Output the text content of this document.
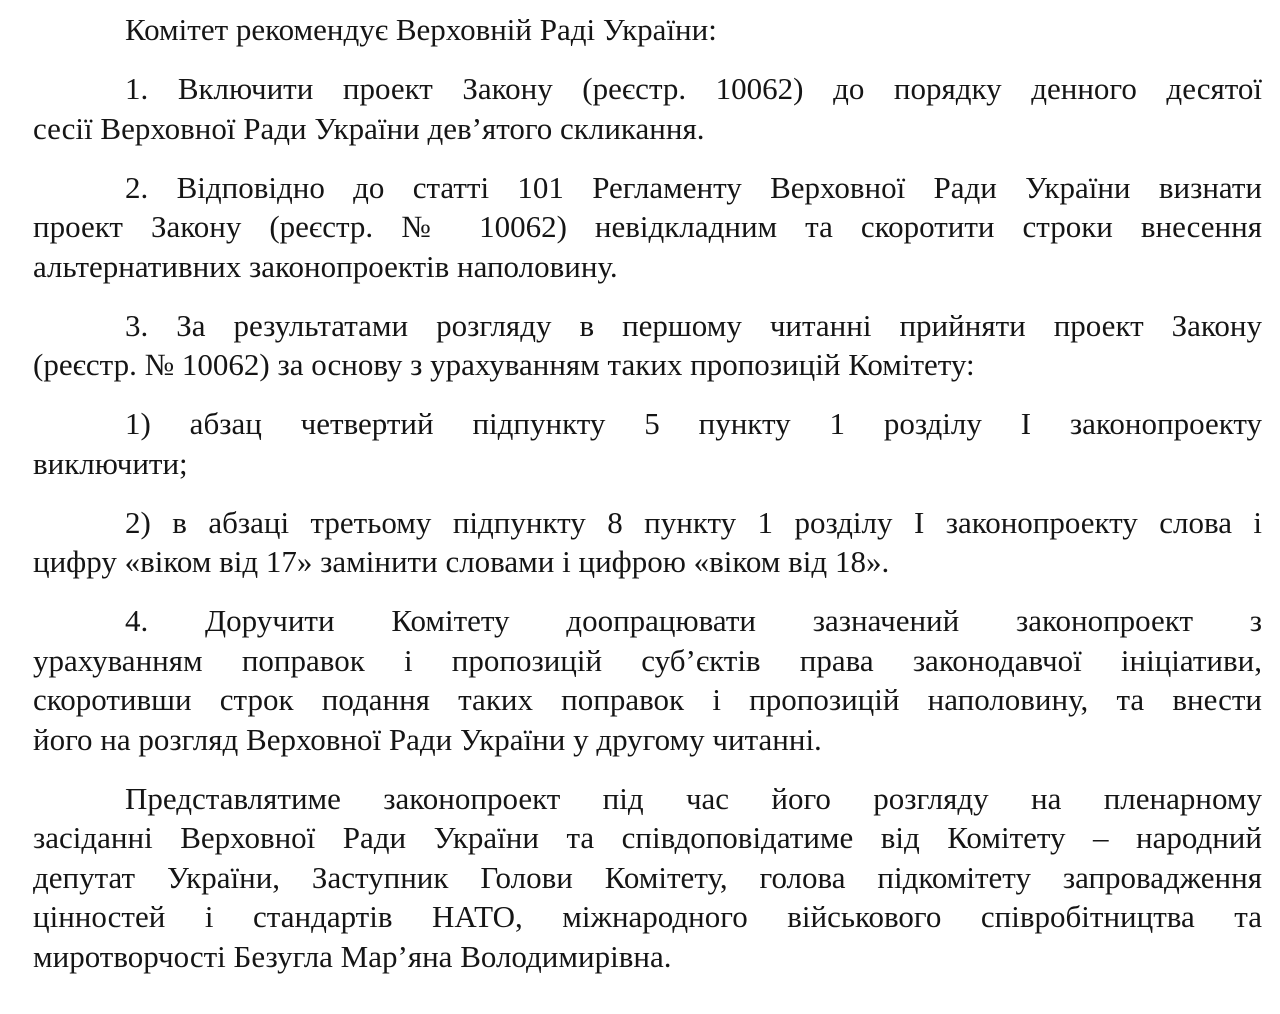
Комітет рекомендує Верховній Раді України:
1. Включити проект Закону (реєстр. 10062) до порядку денного десятої
сесії Верховної Ради України дев’ятого скликання.
2. Відповідно до статті 101 Регламенту Верховної Ради України визнати
проект Закону (реєстр. № 10062) невідкладним та скоротити строки внесення
альтернативних законопроектів наполовину.
3. За результатами розгляду в першому читанні прийняти проект Закону
(реєстр. № 10062) за основу з урахуванням таких пропозицій Комітету:
1) абзац четвертий підпункту 5 пункту 1 розділу І законопроекту
виключити;
2) в абзаці третьому підпункту 8 пункту 1 розділу І законопроекту слова і
цифру «віком від 17» замінити словами і цифрою «віком від 18».
4. Доручити Комітету доопрацювати зазначений законопроект з
урахуванням поправок і пропозицій суб’єктів права законодавчої ініціативи,
скоротивши строк подання таких поправок і пропозицій наполовину, та внести
його на розгляд Верховної Ради України у другому читанні.
Представлятиме законопроект під час його розгляду на пленарному
засіданні Верховної Ради України та співдоповідатиме від Комітету – народний
депутат України, Заступник Голови Комітету, голова підкомітету запровадження
цінностей і стандартів НАТО, міжнародного військового співробітництва та
миротворчості Безугла Мар’яна Володимирівна.
